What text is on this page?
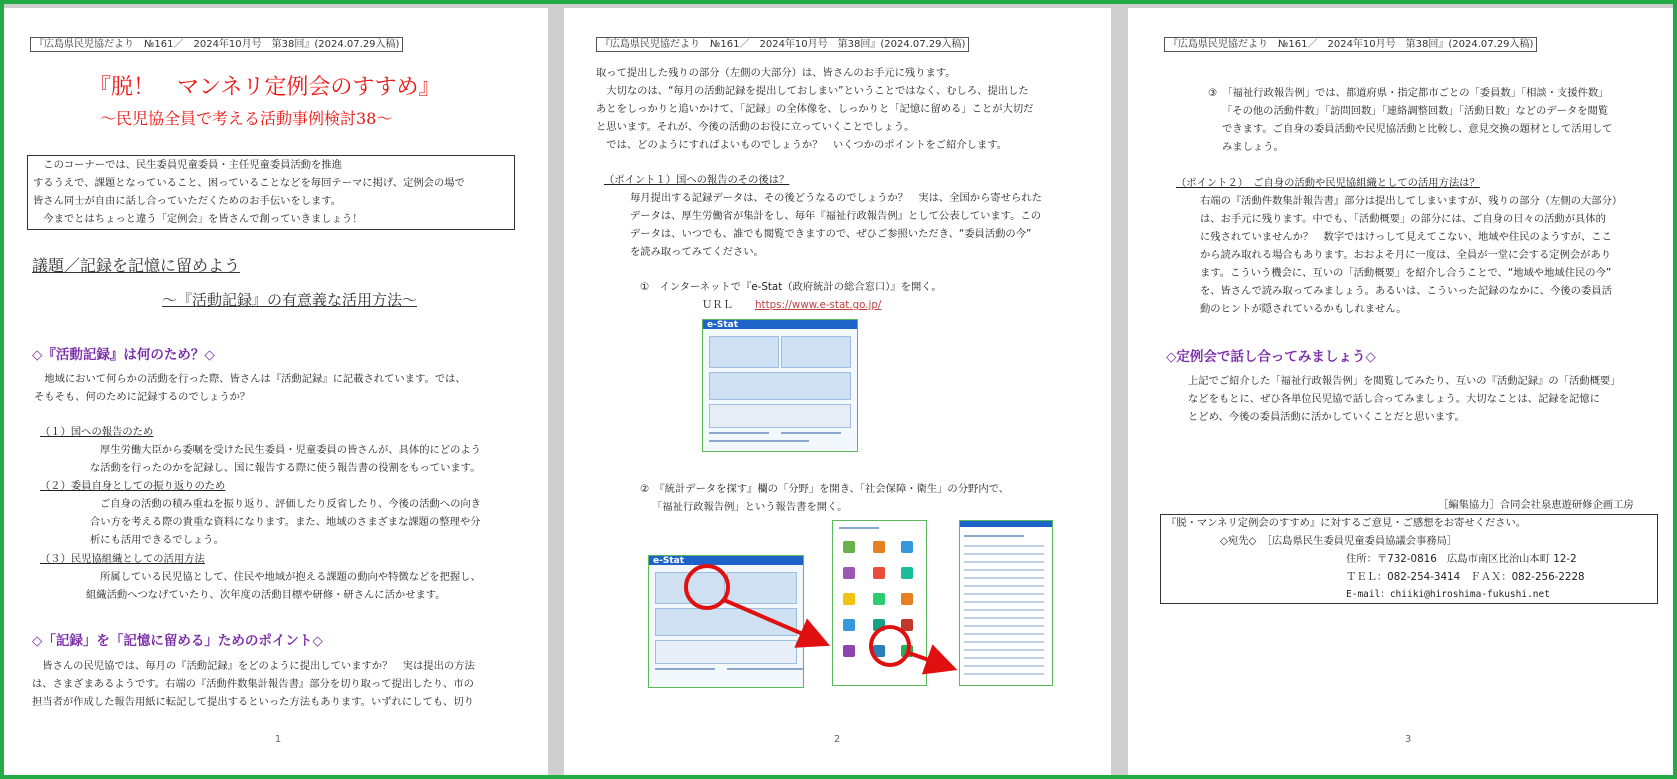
『広島県民児協だより　№161／　2024年10月号　第38回』(2024.07.29入稿)
『脱！　マンネリ定例会のすすめ』
～民児協全員で考える活動事例検討38～
　このコーナーでは、民生委員児童委員・主任児童委員活動を推進
するうえで、課題となっていること、困っていることなどを毎回テーマに掲げ、定例会の場で
皆さん同士が自由に話し合っていただくためのお手伝いをします。
　今までとはちょっと違う「定例会」を皆さんで創っていきましょう！
議題／記録を記憶に留めよう
～『活動記録』の有意義な活用方法～
◇『活動記録』は何のため？◇
　地域において何らかの活動を行った際、皆さんは『活動記録』に記載されています。では、
そもそも、何のために記録するのでしょうか？
（１）国への報告のため
厚生労働大臣から委嘱を受けた民生委員・児童委員の皆さんが、具体的にどのよう
な活動を行ったのかを記録し、国に報告する際に使う報告書の役割をもっています。
（２）委員自身としての振り返りのため
ご自身の活動の積み重ねを振り返り、評価したり反省したり、今後の活動への向き
合い方を考える際の貴重な資料になります。また、地域のさまざまな課題の整理や分
析にも活用できるでしょう。
（３）民児協組織としての活用方法
所属している民児協として、住民や地域が抱える課題の動向や特徴などを把握し、
組織活動へつなげていたり、次年度の活動目標や研修・研さんに活かせます。
◇「記録」を「記憶に留める」ためのポイント◇
　皆さんの民児協では、毎月の『活動記録』をどのように提出していますか？　実は提出の方法
は、さまざまあるようです。右端の『活動件数集計報告書』部分を切り取って提出したり、市の
担当者が作成した報告用紙に転記して提出するといった方法もあります。いずれにしても、切り
1
『広島県民児協だより　№161／　2024年10月号　第38回』(2024.07.29入稿)
取って提出した残りの部分（左側の大部分）は、皆さんのお手元に残ります。
　大切なのは、“毎月の活動記録を提出しておしまい”ということではなく、むしろ、提出した
あとをしっかりと追いかけて、「記録」の全体像を、しっかりと「記憶に留める」ことが大切だ
と思います。それが、今後の活動のお役に立っていくことでしょう。
　では、どのようにすればよいものでしょうか？　いくつかのポイントをご紹介します。
（ポイント１）国への報告のその後は？
毎月提出する記録データは、その後どうなるのでしょうか？　実は、全国から寄せられた
データは、厚生労働省が集計をし、毎年『福祉行政報告例』として公表しています。この
データは、いつでも、誰でも閲覧できますので、ぜひご参照いただき、“委員活動の今”
を読み取ってみてください。
①　インターネットで『e-Stat（政府統計の総合窓口）』を開く。
ＵＲＬ https://www.e-stat.go.jp/
e-Stat
②　『統計データを探す』欄の「分野」を開き、「社会保障・衛生」の分野内で、
「福祉行政報告例」という報告書を開く。
e-Stat
2
『広島県民児協だより　№161／　2024年10月号　第38回』(2024.07.29入稿)
③　「福祉行政報告例」では、都道府県・指定都市ごとの「委員数」「相談・支援件数」
「その他の活動件数」「訪問回数」「連絡調整回数」「活動日数」などのデータを閲覧
できます。ご自身の委員活動や民児協活動と比較し、意見交換の題材として活用して
みましょう。
（ポイント２）　ご自身の活動や民児協組織としての活用方法は？
右端の『活動件数集計報告書』部分は提出してしまいますが、残りの部分（左側の大部分）
は、お手元に残ります。中でも、「活動概要」の部分には、ご自身の日々の活動が具体的
に残されていませんか？　数字ではけっして見えてこない、地域や住民のようすが、ここ
から読み取れる場合もあります。おおよそ月に一度は、全員が一堂に会する定例会があり
ます。こういう機会に、互いの「活動概要」を紹介し合うことで、“地域や地域住民の今”
を、皆さんで読み取ってみましょう。あるいは、こういった記録のなかに、今後の委員活
動のヒントが隠されているかもしれません。
◇定例会で話し合ってみましょう◇
上記でご紹介した「福祉行政報告例」を閲覧してみたり、互いの『活動記録』の「活動概要」
などをもとに、ぜひ各単位民児協で話し合ってみましょう。大切なことは、記録を記憶に
とどめ、今後の委員活動に活かしていくことだと思います。
［編集協力］合同会社泉恵遊研修企画工房
『脱・マンネリ定例会のすすめ』に対するご意見・ご感想をお寄せください。
◇宛先◇　［広島県民生委員児童委員協議会事務局］
住所：〒732-0816　広島市南区比治山本町 12-2
ＴＥＬ：082-254-3414　ＦＡＸ：082-256-2228
E-mail：chiiki@hiroshima-fukushi.net
3
